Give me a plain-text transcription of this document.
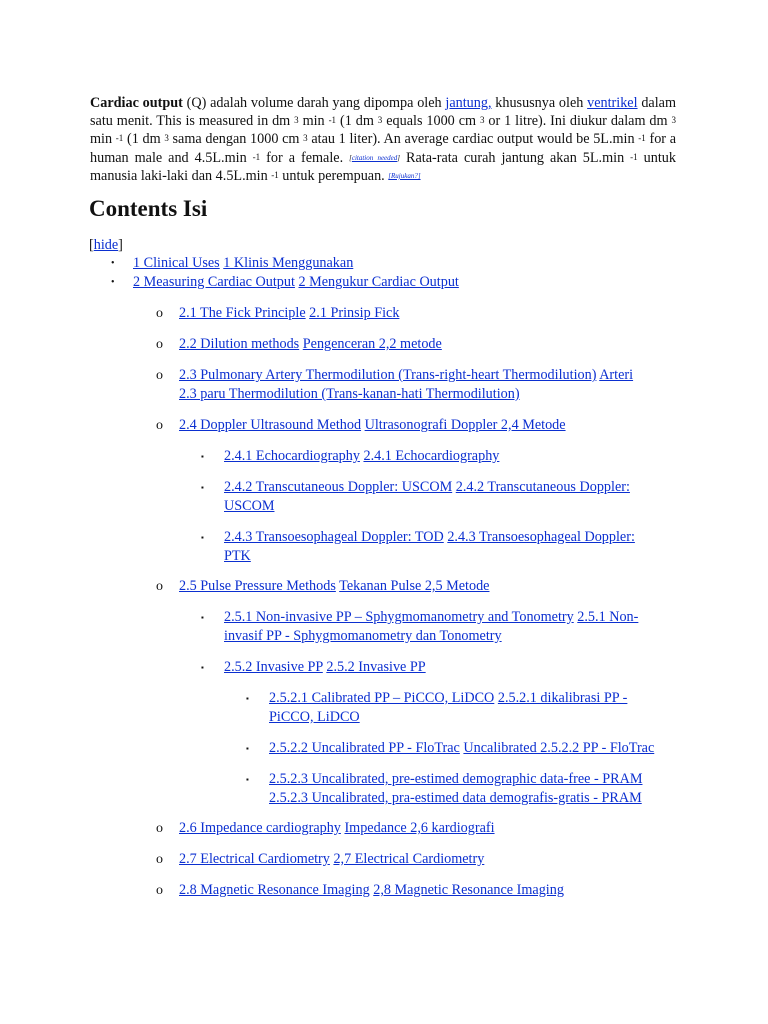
Cardiac output (Q) adalah volume darah yang dipompa oleh jantung, khususnya oleh ventrikel dalam satu menit. This is measured in dm $^3$ min $^{-1}$ (1 dm $^3$ equals 1000 cm $^3$ or 1 litre). Ini diukur dalam dm $^3$ min $^{-1}$ (1 dm $^3$ sama dengan 1000 cm $^3$ atau 1 liter). An average cardiac output would be 5L.min $^{-1}$ for a human male and 4.5L.min $^{-1}$ for a female. [citation needed] Rata-rata curah jantung akan 5L.min $^{-1}$ untuk manusia laki-laki dan 4.5L.min $^{-1}$ untuk perempuan. [Rujukan?]
Contents Isi
[hide]
• 1 Clinical Uses 1 Klinis Menggunakan
• 2 Measuring Cardiac Output 2 Mengukur Cardiac Output
o 2.1 The Fick Principle 2.1 Prinsip Fick
o 2.2 Dilution methods Pengenceran 2,2 metode
o 2.3 Pulmonary Artery Thermodilution (Trans-right-heart Thermodilution) Arteri
2.3 paru Thermodilution (Trans-kanan-hati Thermodilution)
o 2.4 Doppler Ultrasound Method Ultrasonografi Doppler 2,4 Metode
▪ 2.4.1 Echocardiography 2.4.1 Echocardiography
▪ 2.4.2 Transcutaneous Doppler: USCOM 2.4.2 Transcutaneous Doppler:
USCOM
▪ 2.4.3 Transoesophageal Doppler: TOD 2.4.3 Transoesophageal Doppler:
PTK
o 2.5 Pulse Pressure Methods Tekanan Pulse 2,5 Metode
▪ 2.5.1 Non-invasive PP – Sphygmomanometry and Tonometry 2.5.1 Non-
invasif PP - Sphygmomanometry dan Tonometry
▪ 2.5.2 Invasive PP 2.5.2 Invasive PP
▪ 2.5.2.1 Calibrated PP – PiCCO, LiDCO 2.5.2.1 dikalibrasi PP -
PiCCO, LiDCO
▪ 2.5.2.2 Uncalibrated PP - FloTrac Uncalibrated 2.5.2.2 PP - FloTrac
▪ 2.5.2.3 Uncalibrated, pre-estimed demographic data-free - PRAM
2.5.2.3 Uncalibrated, pra-estimed data demografis-gratis - PRAM
o 2.6 Impedance cardiography Impedance 2,6 kardiografi
o 2.7 Electrical Cardiometry 2,7 Electrical Cardiometry
o 2.8 Magnetic Resonance Imaging 2,8 Magnetic Resonance Imaging
